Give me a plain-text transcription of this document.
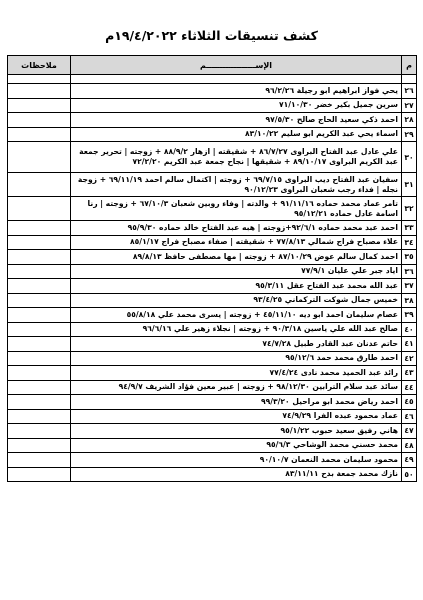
كشف تنسيقات الثلاثاء ١٩/٤/٢٠٢٢م
م	الإســــــــــــــــــم	ملاحظات

٢٦	يحي فواز ابراهيم ابو رجيلة ٩٦/٢/٢٦	
٢٧	سرين جميل بكير خضر ٧١/١٠/٣٠	
٢٨	احمد ذكي سعيد الحاج صالح ٩٧/٥/٣٠	
٢٩	اسماء يحي عبد الكريم ابو سليم ٨٣/١٠/٢٢	
٣٠	علي عادل عبد الفتاح البراوى ٨٦/٧/٢٧ + شقيقته | ازهار ٨٨/٩/٢ + زوجته | تحرير جمعة عبد الكريم البراوى ٨٩/١٠/١٧ + شقيقها | نجاح جمعة عبد الكريم ٧٢/٢/٢٠	
٣١	سفيان عبد الفتاح ديب البراوى ٦٩/٧/١٥ + زوجته | اكتمال سالم احمد ٦٩/١١/١٩ + زوجة نجله | فداء رجب شعبان البراوى ٩٠/١٢/٢٣	
٣٢	تامر عماد محمد حماده ٩١/١١/١٦ + والدته | وفاء روبين شعبان ٦٧/١٠/٣ + زوجته | رنا اسامة عادل حماده ٩٥/١٢/٢١	
٣٣	احمد عبد محمد حماده ٩٢/٦/١+زوجته | هبه عبد الفتاح خالد حماده ٩٥/٩/٣٠	
٣٤	علاء مصباح فراج شمالي ٧٧/٨/١٣ + شقيقته | صفاء مصباح فراج ٨٥/١/١٧	
٣٥	احمد كمال سالم عوض ٨٧/١٠/٢٩ + زوجته | مها مصطفى حافظ ٨٩/٨/١٣	
٣٦	اياد جبر علي عليان ٧٧/٩/١	
٣٧	عبد الله محمد عبد الفتاح عقل ٩٥/٣/١١	
٣٨	خميس جمال شوكت التركماني ٩٣/٤/٢٥	
٣٩	عصام سليمان احمد ابو ديه ٤٥/١١/١٠ + زوجته | يسرى محمد علي ٥٥/٨/١٨	
٤٠	صالح عبد الله علي ياسين ٩٠/٣/١٨ + زوجته | نجلاء زهير علي ٩٦/٦/١٦	
٤١	حاتم عدنان عبد القادر طبيل ٧٤/٧/٢٨	
٤٢	احمد طارق محمد حمد ٩٥/١٢/٦	
٤٣	رائد عبد الحميد محمد نادى ٧٧/٤/٢٤	
٤٤	سائد عبد سلام الترابين ٩٨/١٢/٣٠ + زوجته | عبير معين فؤاد الشريف ٩٤/٩/٧	
٤٥	احمد رياض محمد ابو مراحيل ٩٩/٣/٢٠	
٤٦	عماد محمود عبده الفرا ٧٤/٩/٢٩	
٤٧	هاني رفيق سعيد حبوب ٩٥/١/٢٢	
٤٨	محمد حسني محمد الوشاحي ٩٥/٦/٣	
٤٩	محمود سليمان محمد النعمان ٩٠/١٠/٧	
٥٠	نازك محمد جمعة بدح ٨٣/١١/١١	
